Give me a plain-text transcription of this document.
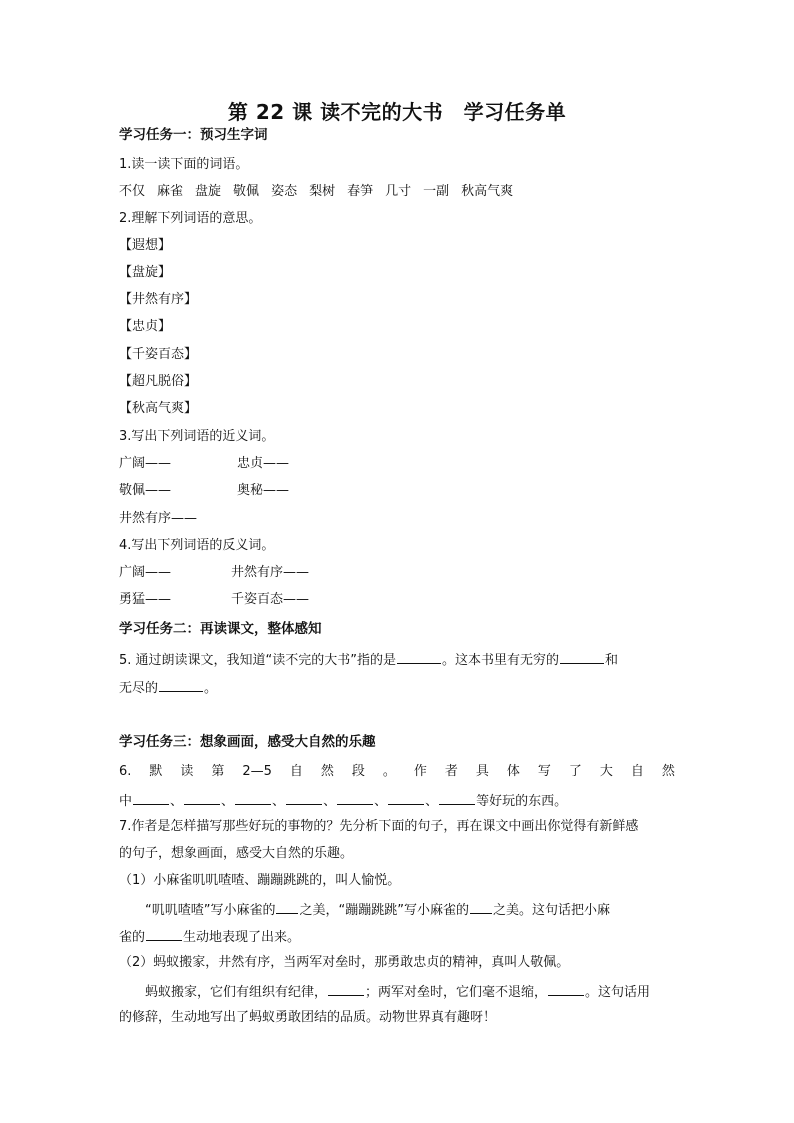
第 22 课 读不完的大书　学习任务单
学习任务一：预习生字词
1.读一读下面的词语。
不仅 麻雀 盘旋 敬佩 姿态 梨树 春笋 几寸 一副 秋高气爽
2.理解下列词语的意思。
【遐想】
【盘旋】
【井然有序】
【忠贞】
【千姿百态】
【超凡脱俗】
【秋高气爽】
3.写出下列词语的近义词。
广阔——	忠贞——
敬佩——	奥秘——
井然有序——
4.写出下列词语的反义词。
广阔——	井然有序——
勇猛——	千姿百态——
学习任务二：再读课文，整体感知
5. 通过朗读课文，我知道“读不完的大书”指的是	。这本书里有无穷的	和
无尽的	。
学习任务三：想象画面，感受大自然的乐趣
6. 默 读 第 2—5 自 然 段 。 作 者 具 体 写 了 大 自 然
中	、	、	、	、	、	、	等好玩的东西。
7.作者是怎样描写那些好玩的事物的？先分析下面的句子，再在课文中画出你觉得有新鲜感
的句子，想象画面，感受大自然的乐趣。
（1）小麻雀叽叽喳喳、蹦蹦跳跳的，叫人愉悦。
“叽叽喳喳”写小麻雀的 之美，“蹦蹦跳跳”写小麻雀的 之美。这句话把小麻
雀的	生动地表现了出来。
（2）蚂蚁搬家，井然有序，当两军对垒时，那勇敢忠贞的精神，真叫人敬佩。
蚂蚁搬家，它们有组织有纪律，	；两军对垒时，它们毫不退缩，	。这句话用
的修辞，生动地写出了蚂蚁勇敢团结的品质。动物世界真有趣呀！
